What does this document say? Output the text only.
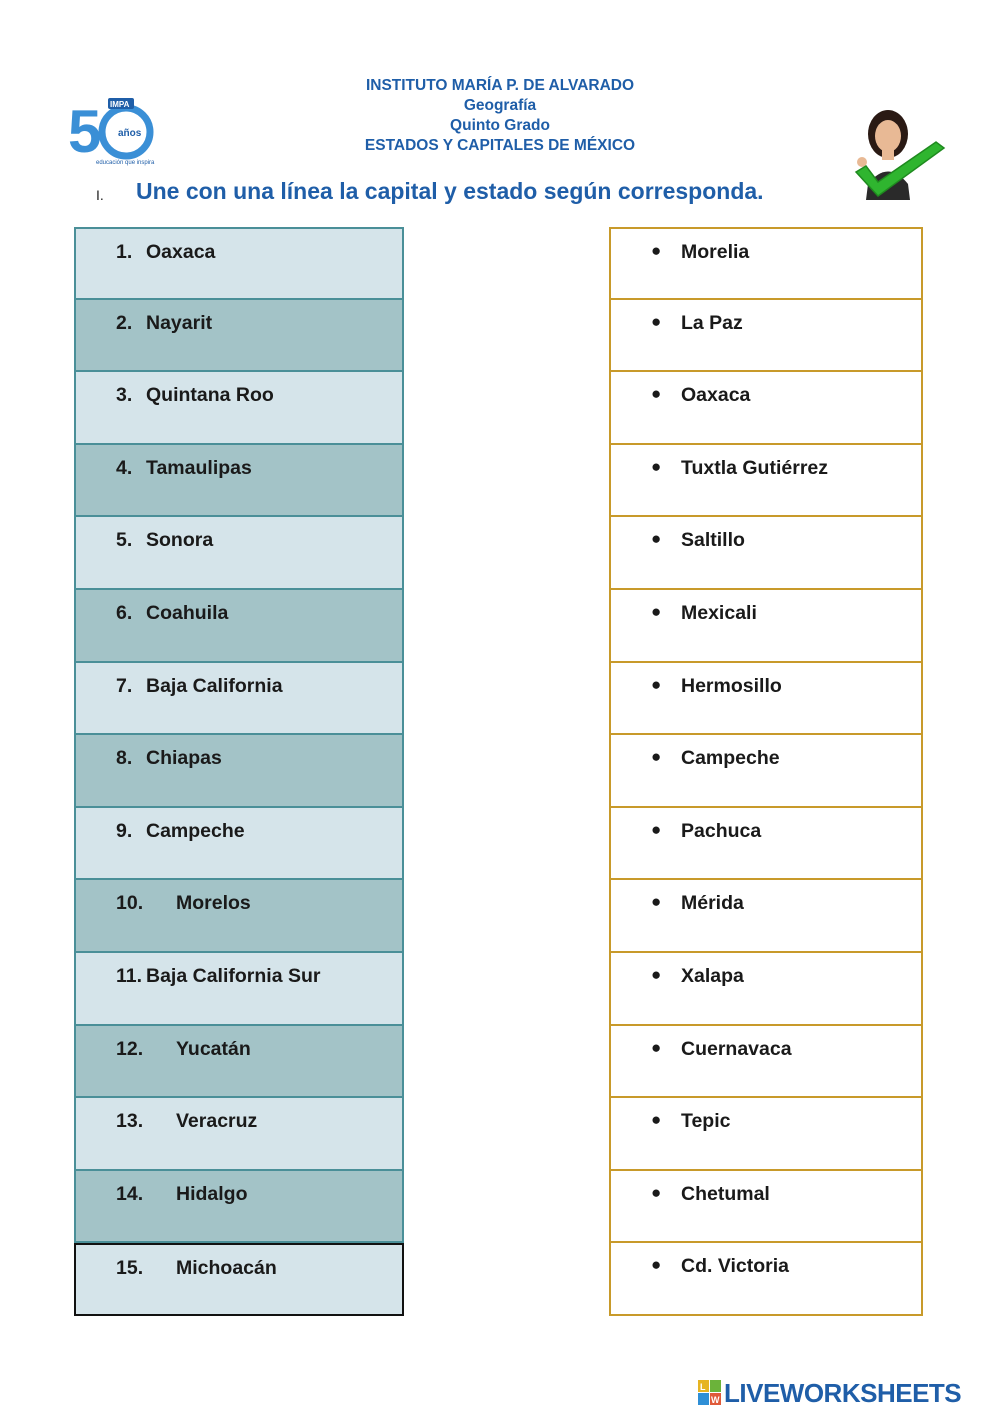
INSTITUTO MARÍA P. DE ALVARADO
Geografía
Quinto Grado
ESTADOS Y CAPITALES DE MÉXICO
5 IMPA
años
educación que inspira
I. Une con una línea la capital y estado según corresponda.
1. Oaxaca
2. Nayarit
3. Quintana Roo
4. Tamaulipas
5. Sonora
6. Coahuila
7. Baja California
8. Chiapas
9. Campeche
10. Morelos
11. Baja California Sur
12. Yucatán
13. Veracruz
14. Hidalgo
15. Michoacán
● Morelia
● La Paz
● Oaxaca
● Tuxtla Gutiérrez
● Saltillo
● Mexicali
● Hermosillo
● Campeche
● Pachuca
● Mérida
● Xalapa
● Cuernavaca
● Tepic
● Chetumal
● Cd. Victoria
L
W LIVEWORKSHEETS
